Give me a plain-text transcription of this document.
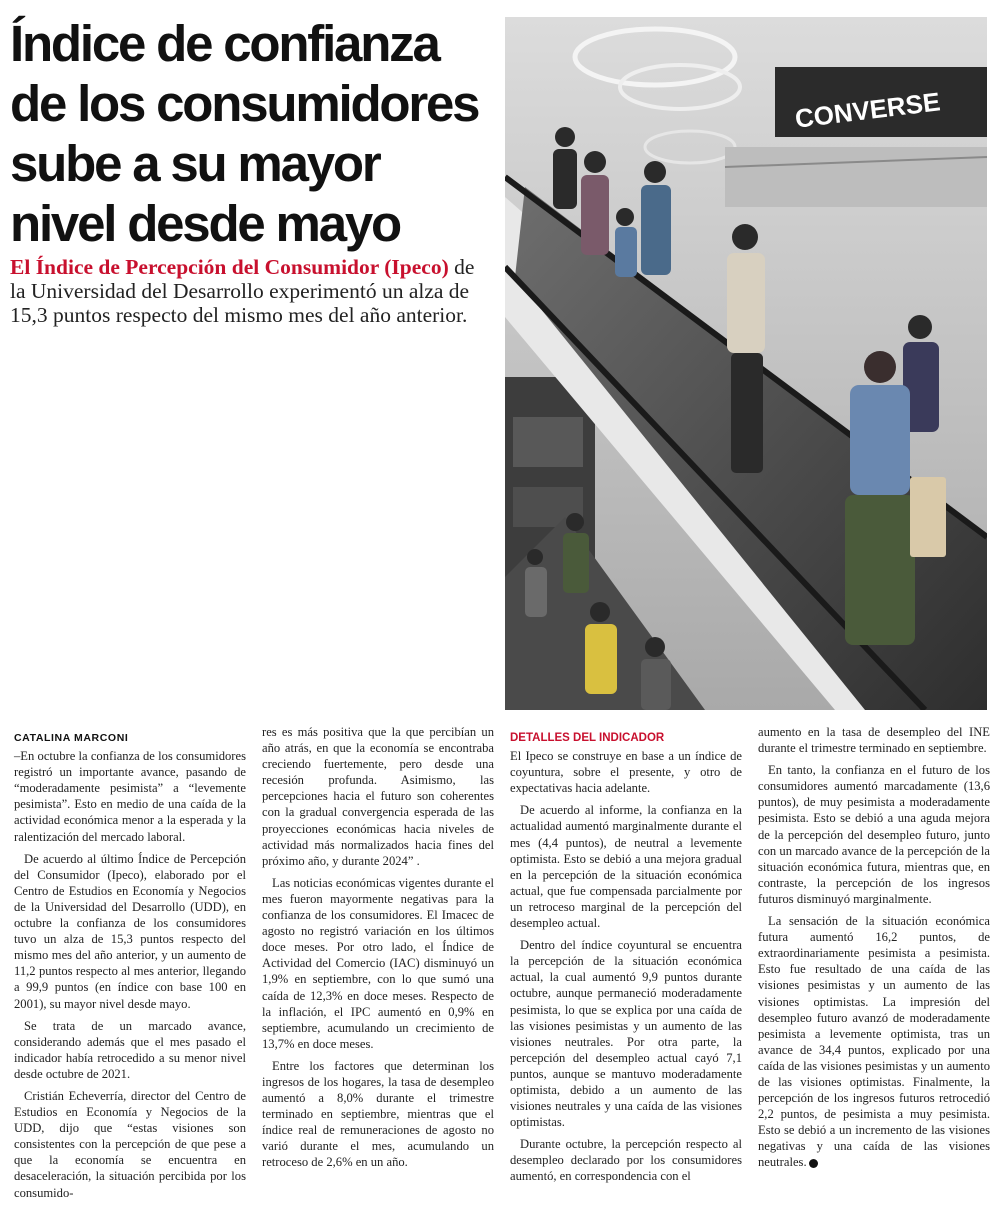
Índice de confianza de los consumidores sube a su mayor nivel desde mayo

El Índice de Percepción del Consumidor (Ipeco) de la Universidad del Desarrollo experimentó un alza de 15,3 puntos respecto del mismo mes del año anterior.

CONVERSE
CATALINA MARCONI

–En octubre la confianza de los consumidores registró un importante avance, pasando de “moderadamente pesimista” a “levemente pesimista”. Esto en medio de una caída de la actividad económica menor a la esperada y la ralentización del mercado laboral.

De acuerdo al último Índice de Percepción del Consumidor (Ipeco), elaborado por el Centro de Estudios en Economía y Negocios de la Universidad del Desarrollo (UDD), en octubre la confianza de los consumidores tuvo un alza de 15,3 puntos respecto del mismo mes del año anterior, y un aumento de 11,2 puntos respecto al mes anterior, llegando a 99,9 puntos (en índice con base 100 en 2001), su mayor nivel desde mayo.

Se trata de un marcado avance, considerando además que el mes pasado el indicador había retrocedido a su menor nivel desde octubre de 2021.

Cristián Echeverría, director del Centro de Estudios en Economía y Negocios de la UDD, dijo que “estas visiones son consistentes con la percepción de que pese a que la economía se encuentra en desaceleración, la situación percibida por los consumido-

res es más positiva que la que percibían un año atrás, en que la economía se encontraba creciendo fuertemente, pero desde una recesión profunda. Asimismo, las percepciones hacia el futuro son coherentes con la gradual convergencia esperada de las proyecciones económicas hacia niveles de actividad más normalizados hacia fines del próximo año, y durante 2024” .

Las noticias económicas vigentes durante el mes fueron mayormente negativas para la confianza de los consumidores. El Imacec de agosto no registró variación en los últimos doce meses. Por otro lado, el Índice de Actividad del Comercio (IAC) disminuyó un 1,9% en septiembre, con lo que sumó una caída de 12,3% en doce meses. Respecto de la inflación, el IPC aumentó en 0,9% en septiembre, acumulando un crecimiento de 13,7% en doce meses.

Entre los factores que determinan los ingresos de los hogares, la tasa de desempleo aumentó a 8,0% durante el trimestre terminado en septiembre, mientras que el índice real de remuneraciones de agosto no varió durante el mes, acumulando un retroceso de 2,6% en un año.

DETALLES DEL INDICADOR

El Ipeco se construye en base a un índice de coyuntura, sobre el presente, y otro de expectativas hacia adelante.

De acuerdo al informe, la confianza en la actualidad aumentó marginalmente durante el mes (4,4 puntos), de neutral a levemente optimista. Esto se debió a una mejora gradual en la percepción de la situación económica actual, que fue compensada parcialmente por un retroceso marginal de la percepción del desempleo actual.

Dentro del índice coyuntural se encuentra la percepción de la situación económica actual, la cual aumentó 9,9 puntos durante octubre, aunque permaneció moderadamente pesimista, lo que se explica por una caída de las visiones pesimistas y un aumento de las visiones neutrales. Por otra parte, la percepción del desempleo actual cayó 7,1 puntos, aunque se mantuvo moderadamente optimista, debido a un aumento de las visiones neutrales y una caída de las visiones optimistas.

Durante octubre, la percepción respecto al desempleo declarado por los consumidores aumentó, en correspondencia con el

aumento en la tasa de desempleo del INE durante el trimestre terminado en septiembre.

En tanto, la confianza en el futuro de los consumidores aumentó marcadamente (13,6 puntos), de muy pesimista a moderadamente pesimista. Esto se debió a una aguda mejora de la percepción del desempleo futuro, junto con un marcado avance de la percepción de la situación económica futura, mientras que, en contraste, la percepción de los ingresos futuros disminuyó marginalmente.

La sensación de la situación económica futura aumentó 16,2 puntos, de extraordinariamente pesimista a pesimista. Esto fue resultado de una caída de las visiones pesimistas y un aumento de las visiones optimistas. La impresión del desempleo futuro avanzó de moderadamente pesimista a levemente optimista, tras un avance de 34,4 puntos, explicado por una caída de las visiones pesimistas y un aumento de las visiones optimistas. Finalmente, la percepción de los ingresos futuros retrocedió 2,2 puntos, de pesimista a muy pesimista. Esto se debió a un incremento de las visiones negativas y una caída de las visiones neutrales. P
